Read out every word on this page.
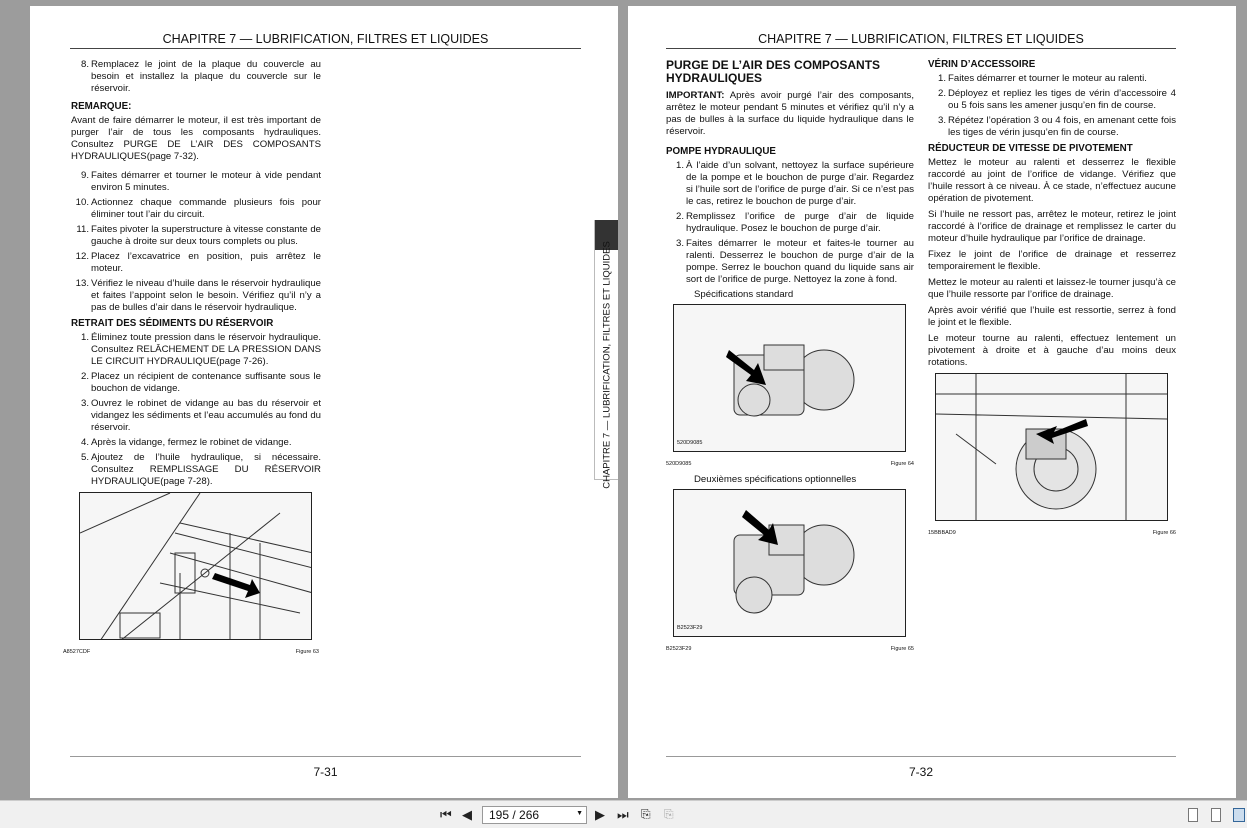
CHAPITRE 7 — LUBRIFICATION, FILTRES ET LIQUIDES
8. Remplacez le joint de la plaque du couvercle au besoin et installez la plaque du couvercle sur le réservoir.
REMARQUE:

Avant de faire démarrer le moteur, il est très important de purger l’air de tous les composants hydrauliques. Consultez PURGE DE L’AIR DES COMPOSANTS HYDRAULIQUES(page 7-32).

9. Faites démarrer et tourner le moteur à vide pendant environ 5 minutes.
10. Actionnez chaque commande plusieurs fois pour éliminer tout l’air du circuit.
11. Faites pivoter la superstructure à vitesse constante de gauche à droite sur deux tours complets ou plus.
12. Placez l’excavatrice en position, puis arrêtez le moteur.
13. Vérifiez le niveau d’huile dans le réservoir hydraulique et faites l’appoint selon le besoin. Vérifiez qu’il n’y a pas de bulles d’air dans le réservoir hydraulique.
RETRAIT DES SÉDIMENTS DU RÉSERVOIR
1. Éliminez toute pression dans le réservoir hydraulique. Consultez RELÂCHEMENT DE LA PRESSION DANS LE CIRCUIT HYDRAULIQUE(page 7-26).
2. Placez un récipient de contenance suffisante sous le bouchon de vidange.
3. Ouvrez le robinet de vidange au bas du réservoir et vidangez les sédiments et l’eau accumulés au fond du réservoir.
4. Après la vidange, fermez le robinet de vidange.
5. Ajoutez de l’huile hydraulique, si nécessaire. Consultez REMPLISSAGE DU RÉSERVOIR HYDRAULIQUE(page 7-28).
A8527CDF	Figure 63
7-31
CHAPITRE 7 — LUBRIFICATION, FILTRES ET LIQUIDES
CHAPITRE 7 — LUBRIFICATION, FILTRES ET LIQUIDES
PURGE DE L’AIR DES COMPOSANTS HYDRAULIQUES

IMPORTANT: Après avoir purgé l’air des composants, arrêtez le moteur pendant 5 minutes et vérifiez qu’il n’y a pas de bulles à la surface du liquide hydraulique dans le réservoir.

POMPE HYDRAULIQUE
1. À l’aide d’un solvant, nettoyez la surface supérieure de la pompe et le bouchon de purge d’air. Regardez si l’huile sort de l’orifice de purge d’air. Si ce n’est pas le cas, retirez le bouchon de purge d’air.
2. Remplissez l’orifice de purge d’air de liquide hydraulique. Posez le bouchon de purge d’air.
3. Faites démarrer le moteur et faites-le tourner au ralenti. Desserrez le bouchon de purge d’air de la pompe. Serrez le bouchon quand du liquide sans air sort de l’orifice de purge. Nettoyez la zone à fond.
Spécifications standard
520D9085
520D9085	Figure 64
Deuxièmes spécifications optionnelles
B2523F29
B2523F29	Figure 65
VÉRIN D’ACCESSOIRE
1. Faites démarrer et tourner le moteur au ralenti.
2. Déployez et repliez les tiges de vérin d’accessoire 4 ou 5 fois sans les amener jusqu’en fin de course.
3. Répétez l’opération 3 ou 4 fois, en amenant cette fois les tiges de vérin jusqu’en fin de course.
RÉDUCTEUR DE VITESSE DE PIVOTEMENT

Mettez le moteur au ralenti et desserrez le flexible raccordé au joint de l’orifice de vidange. Vérifiez que l’huile ressort à ce niveau. À ce stade, n’effectuez aucune opération de pivotement.

Si l’huile ne ressort pas, arrêtez le moteur, retirez le joint raccordé à l’orifice de drainage et remplissez le carter du moteur d’huile hydraulique par l’orifice de drainage.

Fixez le joint de l’orifice de drainage et resserrez temporairement le flexible.

Mettez le moteur au ralenti et laissez-le tourner jusqu’à ce que l’huile ressorte par l’orifice de drainage.

Après avoir vérifié que l’huile est ressortie, serrez à fond le joint et le flexible.

Le moteur tourne au ralenti, effectuez lentement un pivotement à droite et à gauche d’au moins deux rotations.

15BBBAD9	Figure 66
7-32
⏮ ◀	195 / 266	▼ ▶ ⏭ ⎘ ⎘
